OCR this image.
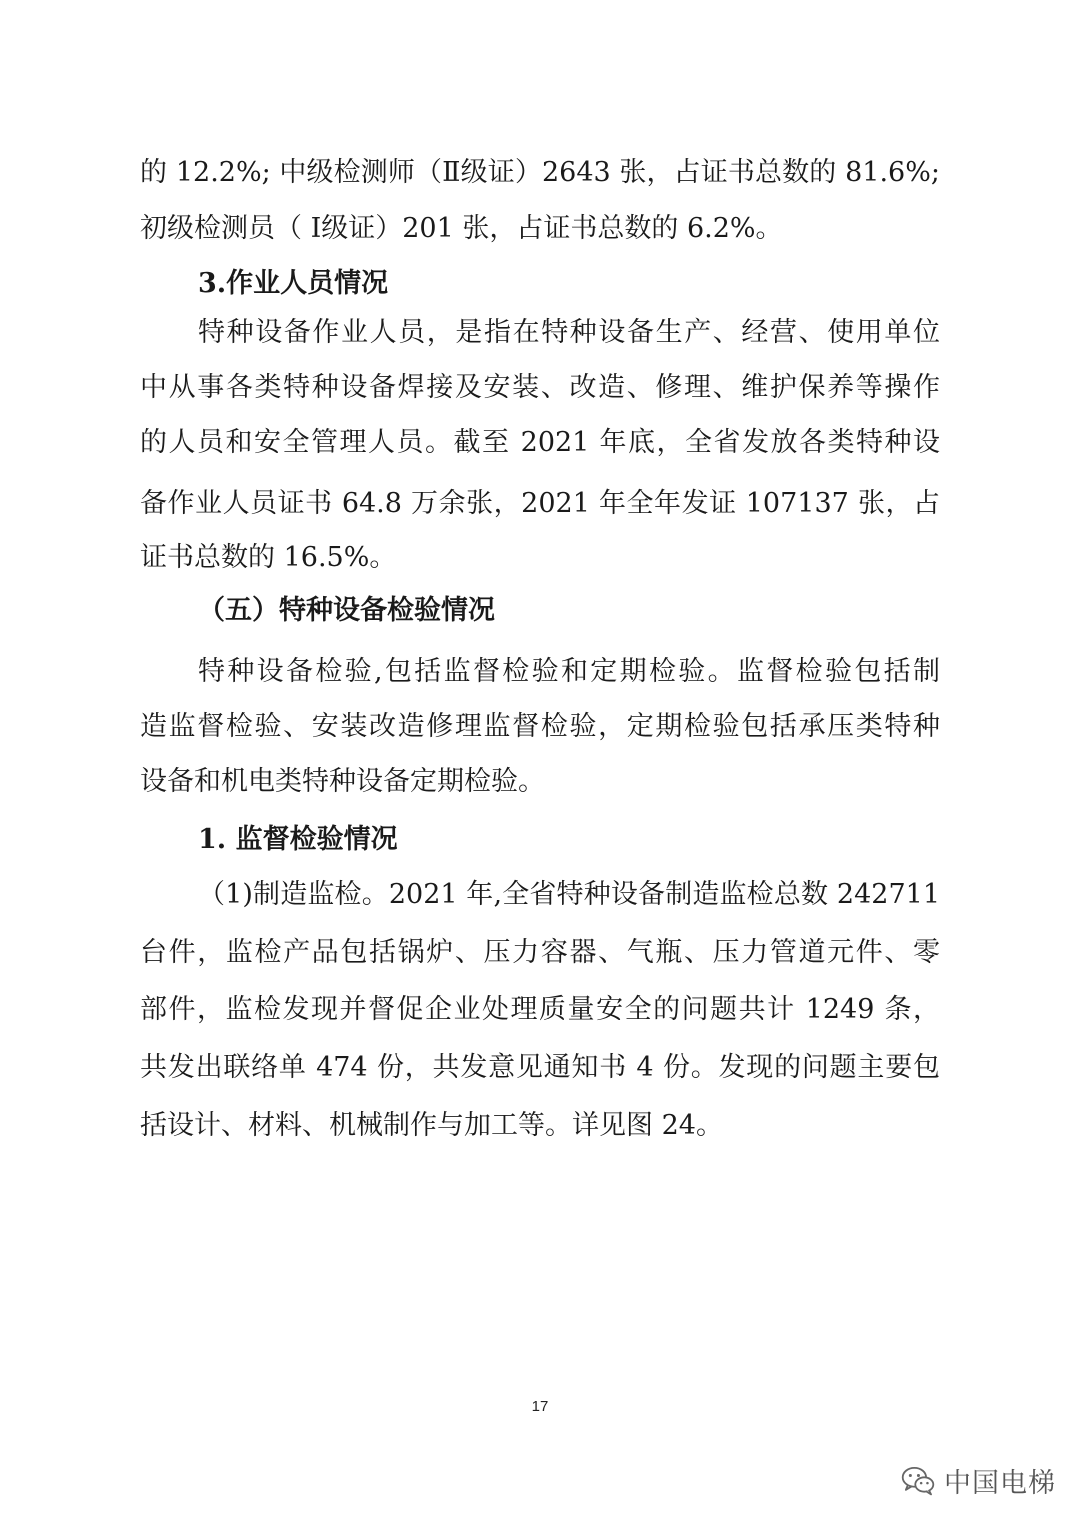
的 12.2%; 中级检测师（Ⅱ级证）2643 张，占证书总数的 81.6%;
初级检测员（ Ⅰ级证）201 张，占证书总数的 6.2%。
3.作业人员情况
特种设备作业人员，是指在特种设备生产、经营、使用单位
中从事各类特种设备焊接及安装、改造、修理、维护保养等操作
的人员和安全管理人员。截至 2021 年底，全省发放各类特种设
备作业人员证书 64.8 万余张，2021 年全年发证 107137 张，占
证书总数的 16.5%。
（五）特种设备检验情况
特种设备检验,包括监督检验和定期检验。监督检验包括制
造监督检验、安装改造修理监督检验，定期检验包括承压类特种
设备和机电类特种设备定期检验。
1. 监督检验情况
（1)制造监检。2021 年,全省特种设备制造监检总数 242711
台件，监检产品包括锅炉、压力容器、气瓶、压力管道元件、零
部件，监检发现并督促企业处理质量安全的问题共计 1249 条，
共发出联络单 474 份，共发意见通知书 4 份。发现的问题主要包
括设计、材料、机械制作与加工等。详见图 24。
17
中国电梯
